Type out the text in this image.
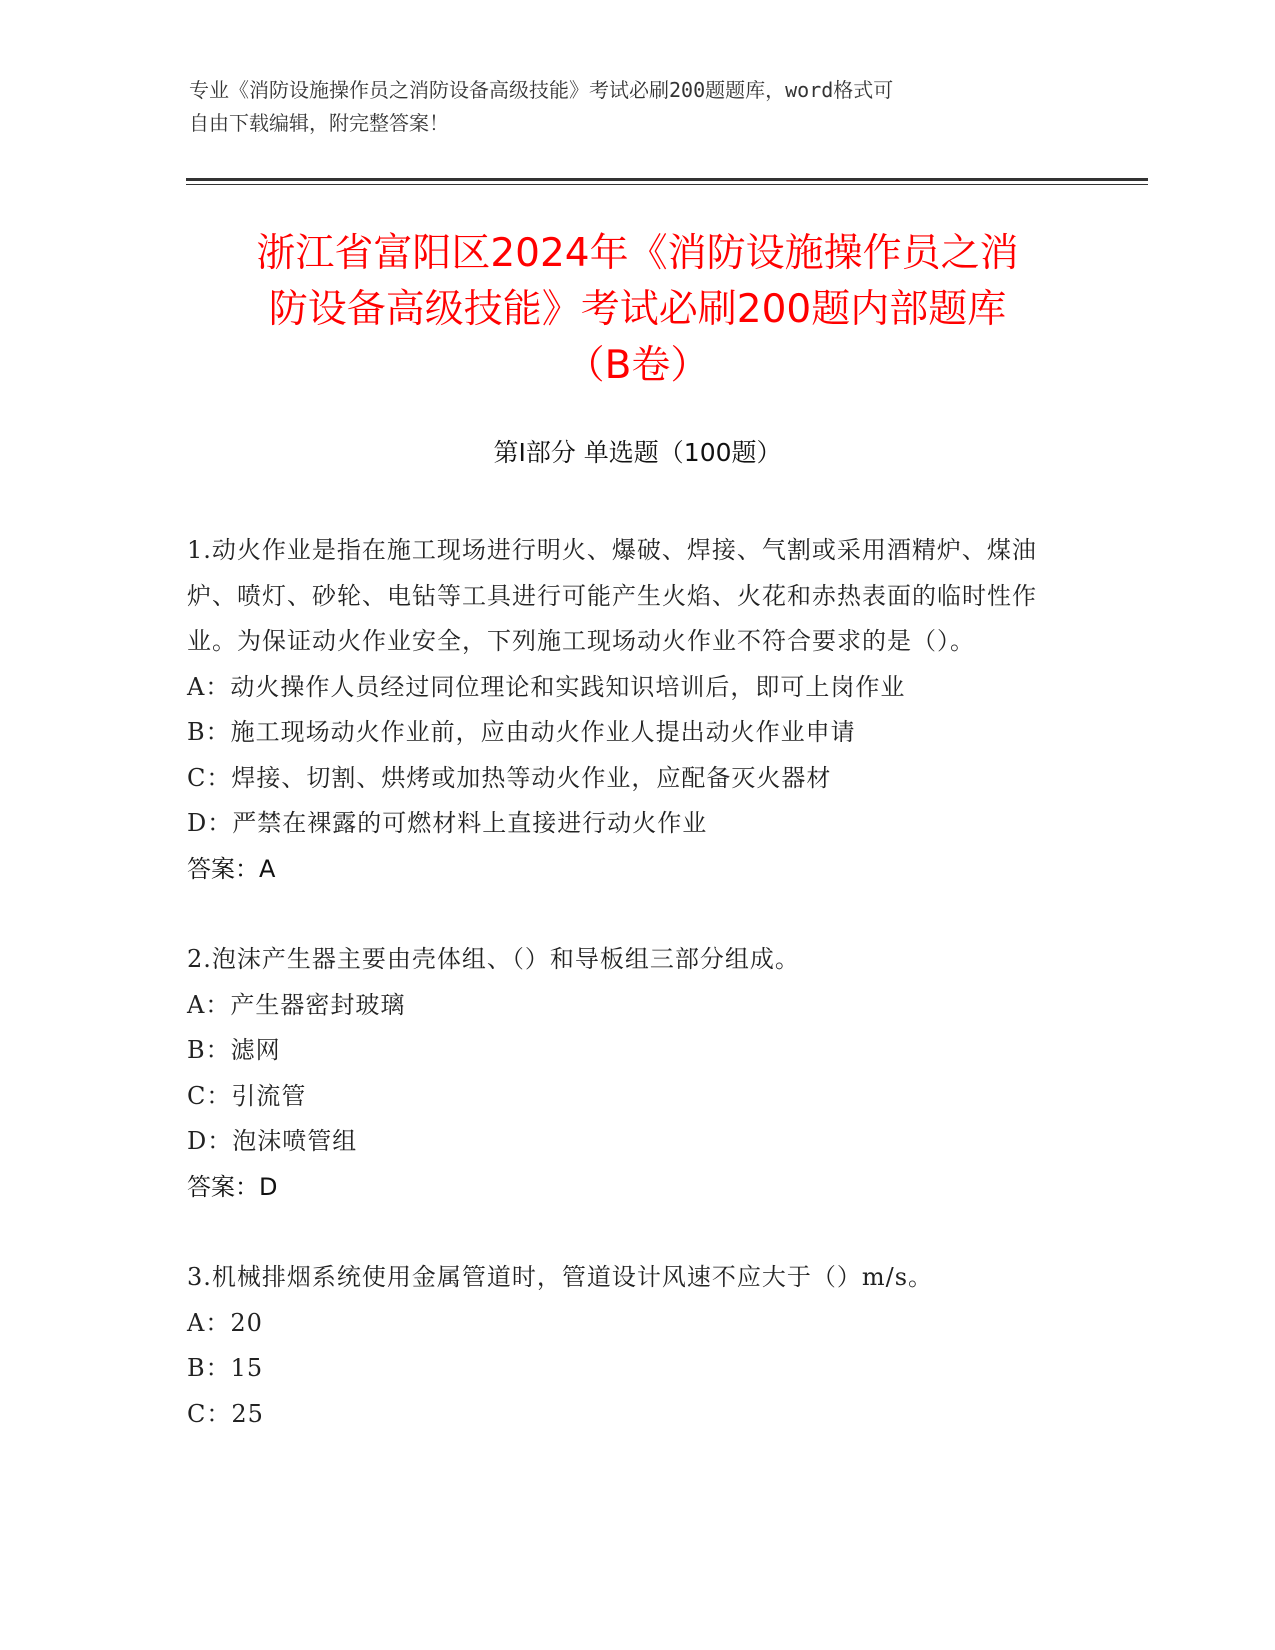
专业《消防设施操作员之消防设备高级技能》考试必刷200题题库，word格式可
自由下载编辑，附完整答案！
浙江省富阳区2024年《消防设施操作员之消
防设备高级技能》考试必刷200题内部题库
（B卷）
第Ⅰ部分 单选题（100题）

1.动火作业是指在施工现场进行明火、爆破、焊接、气割或采用酒精炉、煤油炉、喷灯、砂轮、电钻等工具进行可能产生火焰、火花和赤热表面的临时性作业。为保证动火作业安全，下列施工现场动火作业不符合要求的是（）。

A：动火操作人员经过同位理论和实践知识培训后，即可上岗作业

B：施工现场动火作业前，应由动火作业人提出动火作业申请

C：焊接、切割、烘烤或加热等动火作业，应配备灭火器材

D：严禁在裸露的可燃材料上直接进行动火作业

答案：A

2.泡沫产生器主要由壳体组、（）和导板组三部分组成。

A：产生器密封玻璃

B：滤网

C：引流管

D：泡沫喷管组

答案：D

3.机械排烟系统使用金属管道时，管道设计风速不应大于（）m/s。

A：20

B：15

C：25
